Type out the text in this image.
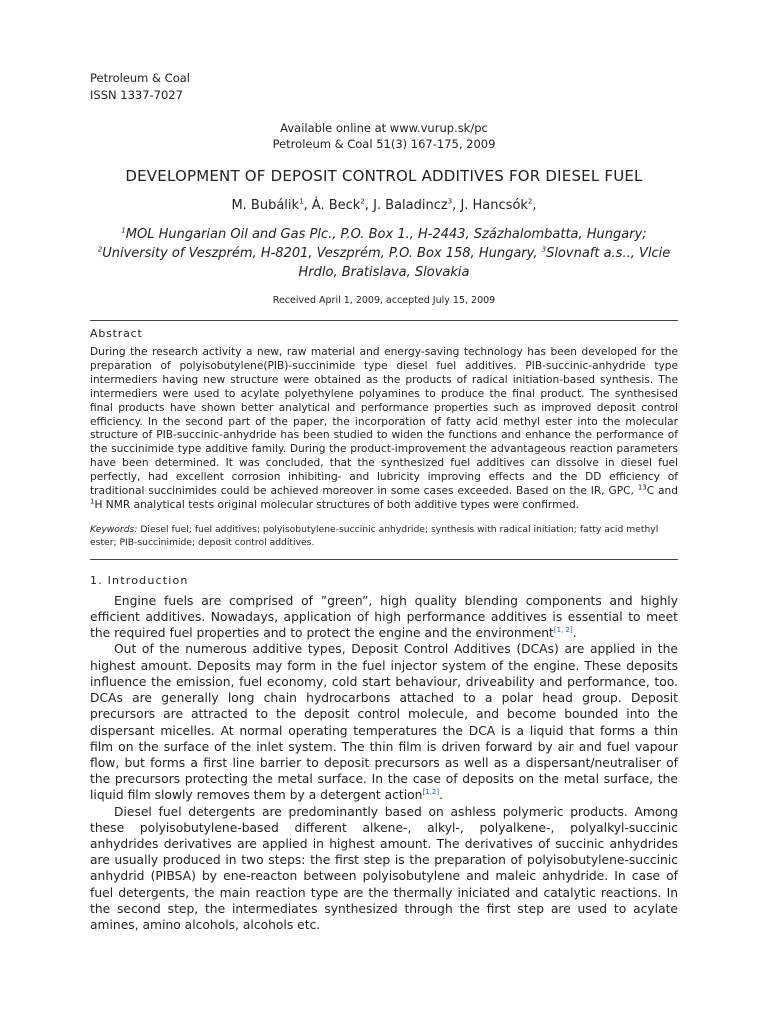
Petroleum & Coal
ISSN 1337-7027
Available online at www.vurup.sk/pc
Petroleum & Coal 51(3) 167-175, 2009
DEVELOPMENT OF DEPOSIT CONTROL ADDITIVES FOR DIESEL FUEL
M. Bubálik$^1$, Á. Beck$^2$, J. Baladincz$^3$, J. Hancsók$^2$,
$^1$MOL Hungarian Oil and Gas Plc., P.O. Box 1., H-2443, Százhalombatta, Hungary; $^2$University of Veszprém, H-8201, Veszprém, P.O. Box 158, Hungary, $^3$Slovnaft a.s.., Vlcie Hrdlo, Bratislava, Slovakia
Received April 1, 2009, accepted July 15, 2009
Abstract
During the research activity a new, raw material and energy-saving technology has been developed for the preparation of polyisobutylene(PIB)-succinimide type diesel fuel additives. PIB-succinic-anhydride type intermediers having new structure were obtained as the products of radical initiation-based synthesis. The intermediers were used to acylate polyethylene polyamines to produce the final product. The synthesised final products have shown better analytical and performance properties such as improved deposit control efficiency. In the second part of the paper, the incorporation of fatty acid methyl ester into the molecular structure of PIB-succinic-anhydride has been studied to widen the functions and enhance the performance of the succinimide type additive family. During the product-improvement the advantageous reaction parameters have been determined. It was concluded, that the synthesized fuel additives can dissolve in diesel fuel perfectly, had excellent corrosion inhibiting- and lubricity improving effects and the DD efficiency of traditional succinimides could be achieved moreover in some cases exceeded. Based on the IR, GPC, $^{13}$C and $^1$H NMR analytical tests original molecular structures of both additive types were confirmed.
Keywords: Diesel fuel; fuel additives; polyisobutylene-succinic anhydride; synthesis with radical initiation; fatty acid methyl ester; PIB-succinimide; deposit control additives.
1. Introduction

Engine fuels are comprised of ”green”, high quality blending components and highly efficient additives. Nowadays, application of high performance additives is essential to meet the required fuel properties and to protect the engine and the environment[1, 2].

Out of the numerous additive types, Deposit Control Additives (DCAs) are applied in the highest amount. Deposits may form in the fuel injector system of the engine. These deposits influence the emission, fuel economy, cold start behaviour, driveability and performance, too. DCAs are generally long chain hydrocarbons attached to a polar head group. Deposit precursors are attracted to the deposit control molecule, and become bounded into the dispersant micelles. At normal operating temperatures the DCA is a liquid that forms a thin film on the surface of the inlet system. The thin film is driven forward by air and fuel vapour flow, but forms a first line barrier to deposit precursors as well as a dispersant/neutraliser of the precursors protecting the metal surface. In the case of deposits on the metal surface, the liquid film slowly removes them by a detergent action[1,2].

Diesel fuel detergents are predominantly based on ashless polymeric products. Among these polyisobutylene-based different alkene-, alkyl-, polyalkene-, polyalkyl-succinic anhydrides derivatives are applied in highest amount. The derivatives of succinic anhydrides are usually produced in two steps: the first step is the preparation of polyisobutylene-succinic anhydrid (PIBSA) by ene-reacton between polyisobutylene and maleic anhydride. In case of fuel detergents, the main reaction type are the thermally iniciated and catalytic reactions. In the second step, the intermediates synthesized through the first step are used to acylate amines, amino alcohols, alcohols etc.
